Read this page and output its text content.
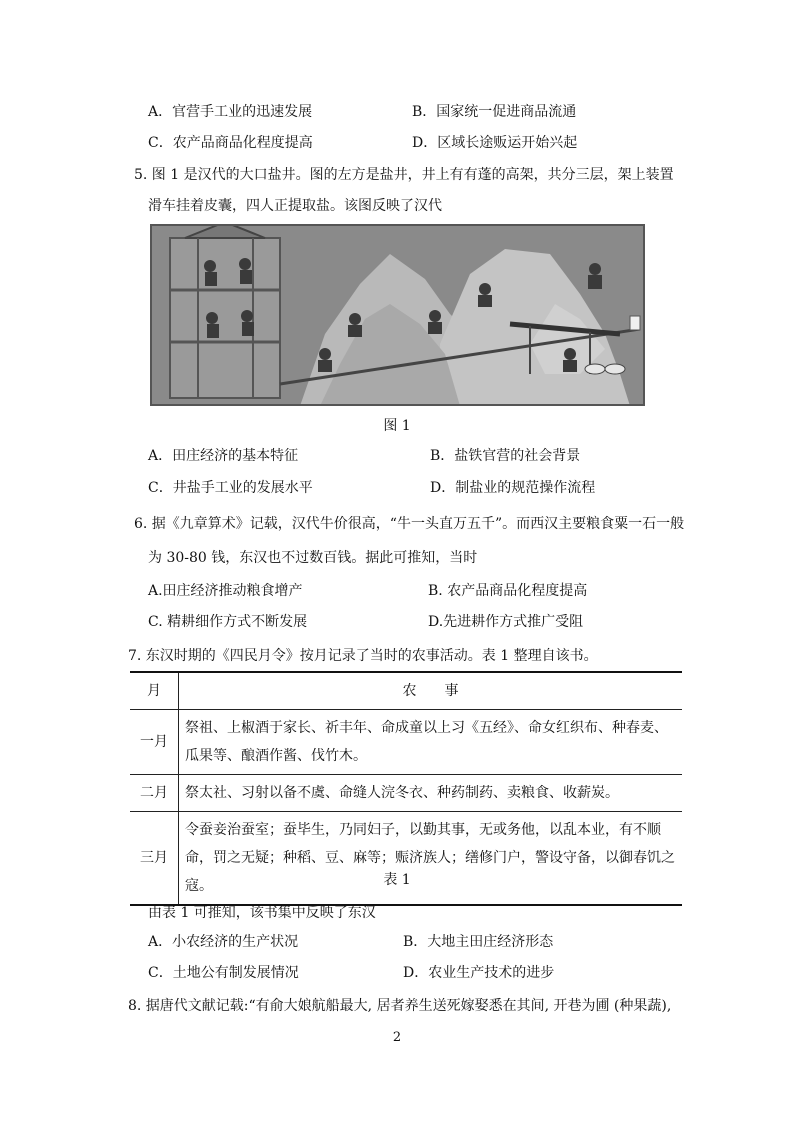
A．官营手工业的迅速发展	B．国家统一促进商品流通
C．农产品商品化程度提高	D．区域长途贩运开始兴起
5. 图 1 是汉代的大口盐井。图的左方是盐井，井上有有蓬的高架，共分三层，架上装置
滑车挂着皮囊，四人正提取盐。该图反映了汉代
图 1
A．田庄经济的基本特征	B．盐铁官营的社会背景
C．井盐手工业的发展水平	D．制盐业的规范操作流程
6. 据《九章算术》记载，汉代牛价很高，“牛一头直万五千”。而西汉主要粮食粟一石一般
为 30-80 钱，东汉也不过数百钱。据此可推知，当时
A.田庄经济推动粮食增产	B. 农产品商品化程度提高
C. 精耕细作方式不断发展	D.先进耕作方式推广受阻
7. 东汉时期的《四民月令》按月记录了当时的农事活动。表 1 整理自该书。
月	农　　事
一月	祭祖、上椒酒于家长、祈丰年、命成童以上习《五经》、命女红织布、种春麦、瓜果等、酿酒作酱、伐竹木。
二月	祭太社、习射以备不虞、命缝人浣冬衣、种药制药、卖粮食、收薪炭。
三月	令蚕妾治蚕室；蚕毕生，乃同妇子，以勤其事，无或务他，以乱本业，有不顺命，罚之无疑；种稻、豆、麻等；赈济族人；缮修门户，警设守备，以御春饥之寇。	表 1
由表 1 可推知，该书集中反映了东汉
A．小农经济的生产状况	B．大地主田庄经济形态
C．土地公有制发展情况	D．农业生产技术的进步
8. 据唐代文献记载:“有俞大娘航船最大, 居者养生送死嫁娶悉在其间, 开巷为圃 (种果蔬),
2
